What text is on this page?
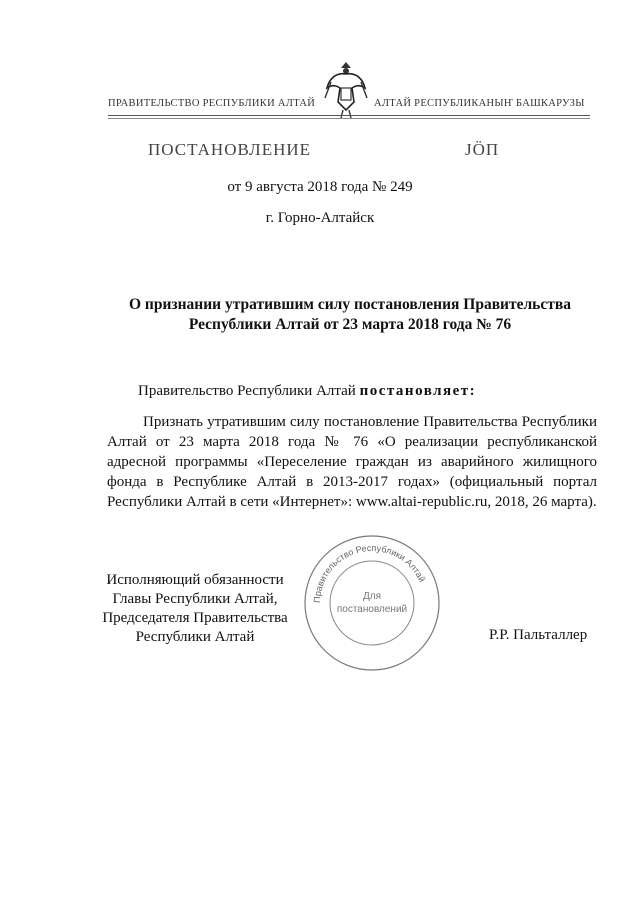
ПРАВИТЕЛЬСТВО РЕСПУБЛИКИ АЛТАЙ	АЛТАЙ РЕСПУБЛИКАНЫҤ БАШКАРУЗЫ
ПОСТАНОВЛЕНИЕ	JÖП
от 9 августа 2018 года № 249
г. Горно-Алтайск
О признании утратившим силу постановления Правительства
Республики Алтай от 23 марта 2018 года № 76
Правительство Республики Алтай постановляет:
Признать утратившим силу постановление Правительства Республики Алтай от 23 марта 2018 года № 76 «О реализации республиканской адресной программы «Переселение граждан из аварийного жилищного фонда в Республике Алтай в 2013-2017 годах» (официальный портал Республики Алтай в сети «Интернет»: www.altai-republic.ru, 2018, 26 марта).
Исполняющий обязанности
Главы Республики Алтай,
Председателя Правительства
Республики Алтай	Р.Р. Пальталлер
Правительство Республики Алтай
Для
постановлений
